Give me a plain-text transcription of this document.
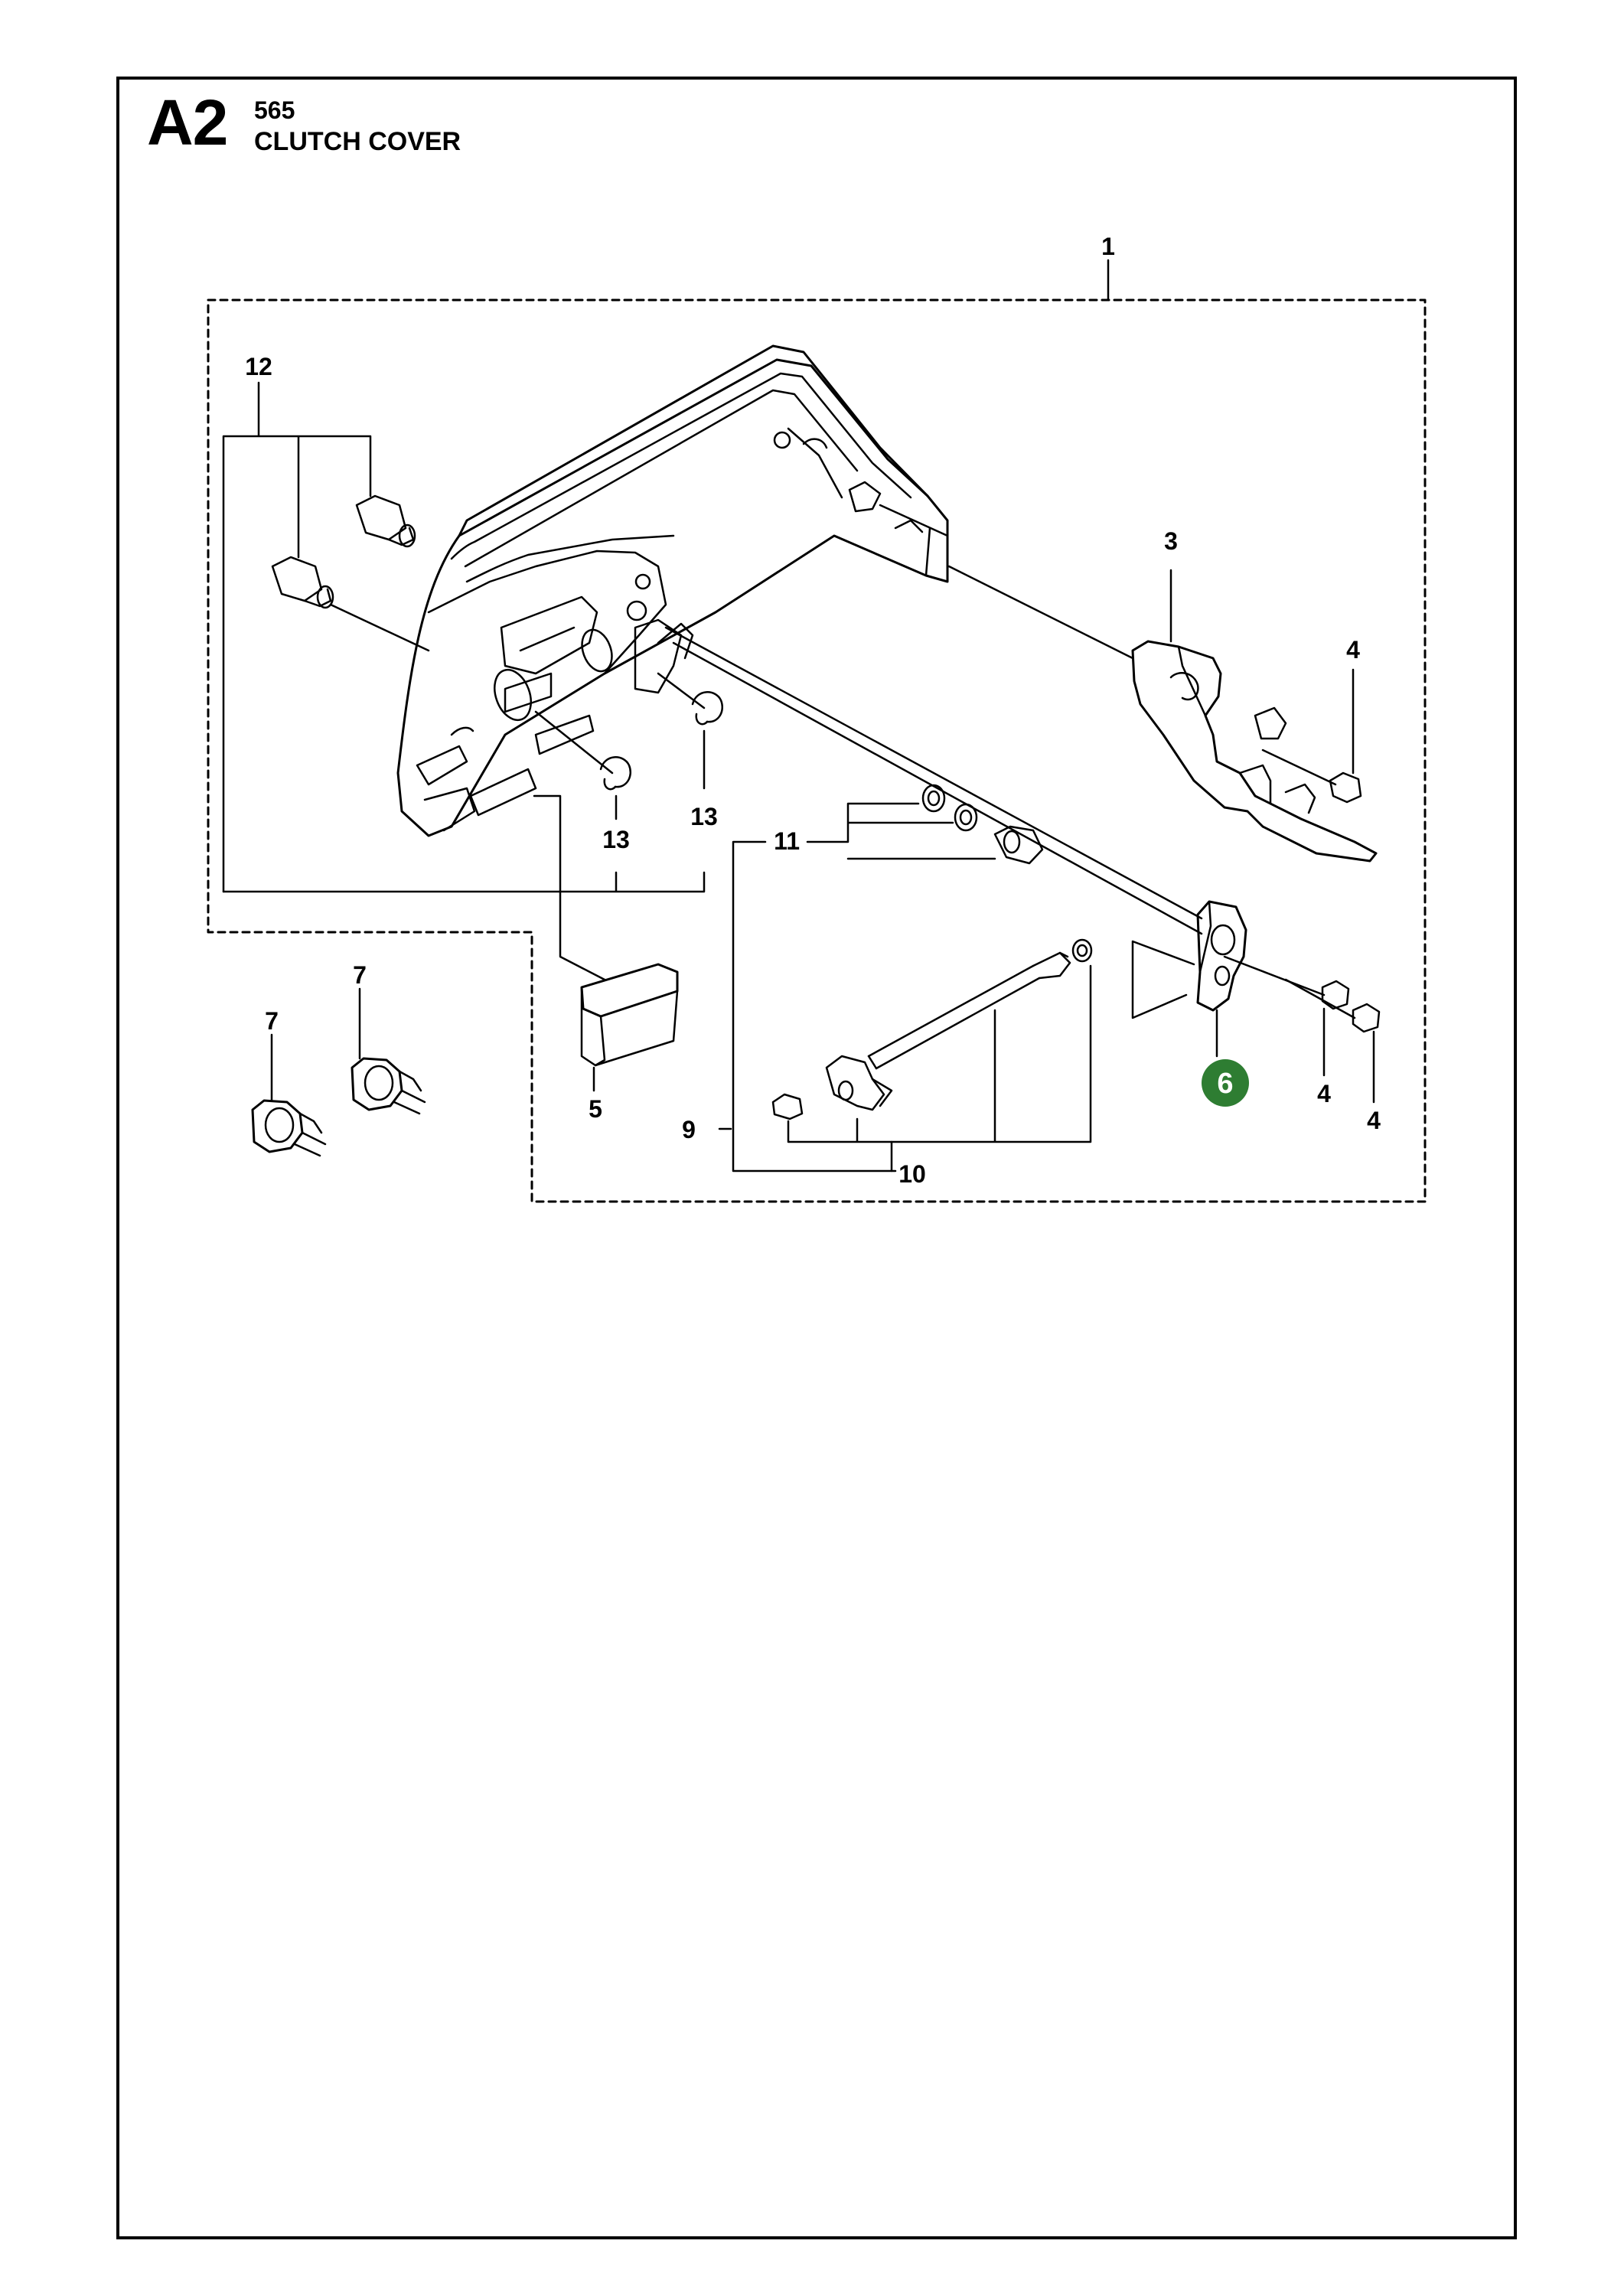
A2 565
CLUTCH COVER
1
12
3
4
4
4
13
13
11
7
7
5
9
10
6
